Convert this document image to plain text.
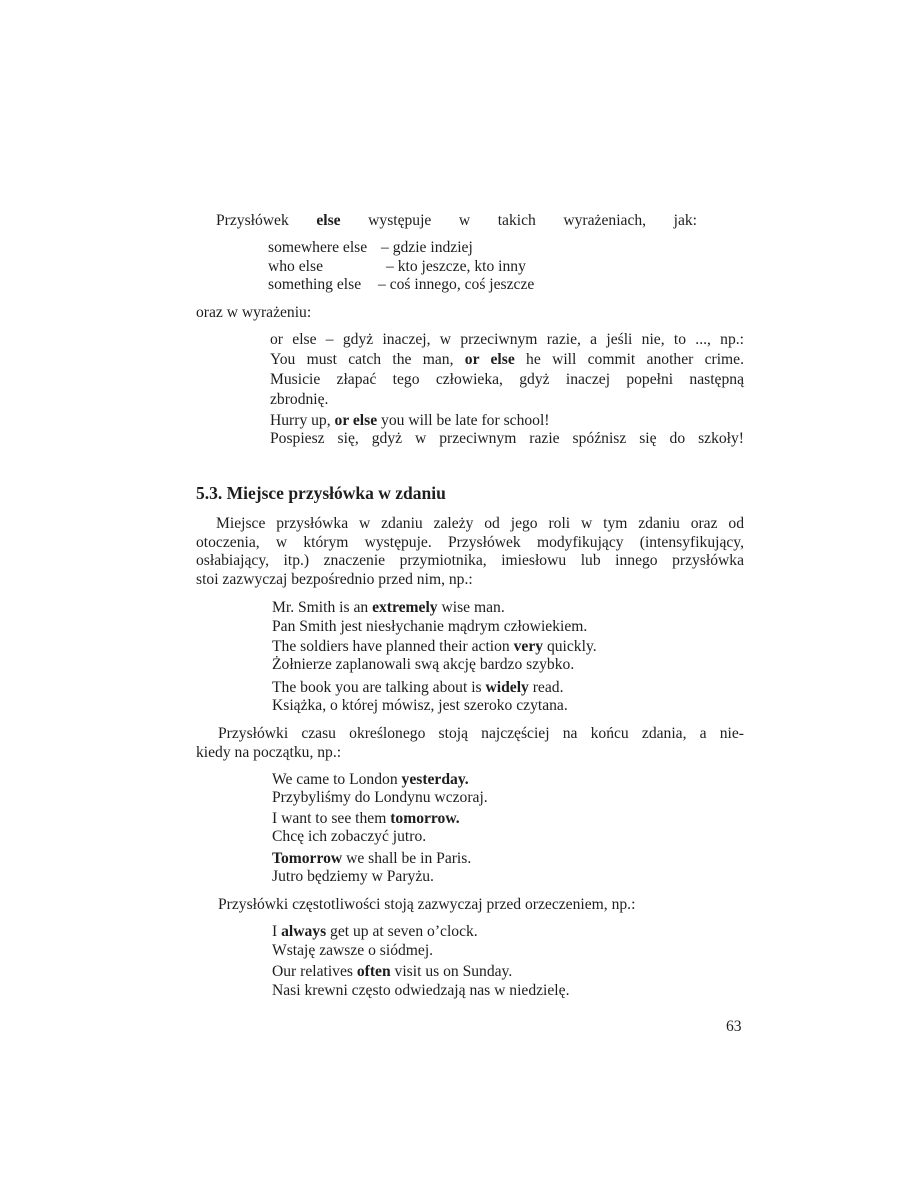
Przysłówek else występuje w takich wyrażeniach, jak:
somewhere else – gdzie indziej
who else	– kto jeszcze, kto inny
something else – coś innego, coś jeszcze
oraz w wyrażeniu:
or else – gdyż inaczej, w przeciwnym razie, a jeśli nie, to ..., np.:
You must catch the man, or else he will commit another crime.
Musicie złapać tego człowieka, gdyż inaczej popełni następną
zbrodnię.
Hurry up, or else you will be late for school!
Pospiesz się, gdyż w przeciwnym razie spóźnisz się do szkoły!
5.3. Miejsce przysłówka w zdaniu
Miejsce przysłówka w zdaniu zależy od jego roli w tym zdaniu oraz od
otoczenia, w którym występuje. Przysłówek modyfikujący (intensyfikujący,
osłabiający, itp.) znaczenie przymiotnika, imiesłowu lub innego przysłówka
stoi zazwyczaj bezpośrednio przed nim, np.:
Mr. Smith is an extremely wise man.
Pan Smith jest niesłychanie mądrym człowiekiem.
The soldiers have planned their action very quickly.
Żołnierze zaplanowali swą akcję bardzo szybko.
The book you are talking about is widely read.
Książka, o której mówisz, jest szeroko czytana.
Przysłówki czasu określonego stoją najczęściej na końcu zdania, a nie-
kiedy na początku, np.:
We came to London yesterday.
Przybyliśmy do Londynu wczoraj.
I want to see them tomorrow.
Chcę ich zobaczyć jutro.
Tomorrow we shall be in Paris.
Jutro będziemy w Paryżu.
Przysłówki częstotliwości stoją zazwyczaj przed orzeczeniem, np.:
I always get up at seven o’clock.
Wstaję zawsze o siódmej.
Our relatives often visit us on Sunday.
Nasi krewni często odwiedzają nas w niedzielę.
63
